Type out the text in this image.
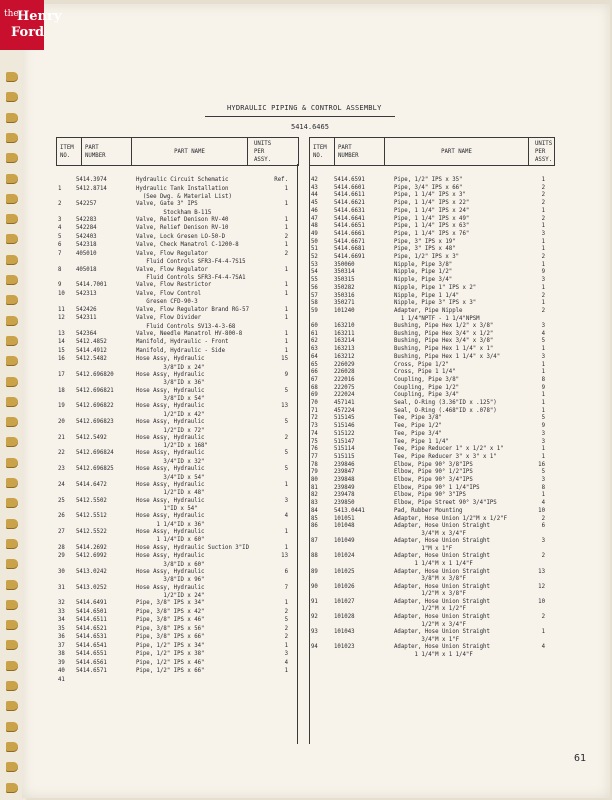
the
Henry
Ford
HYDRAULIC PIPING & CONTROL ASSEMBLY
5414.6465
ITEM
NO.
PART
NUMBER
PART NAME
UNITS
PER
ASSY.
ITEM
NO.
PART
NUMBER
PART NAME
UNITS
PER
ASSY.
5414.3974	Hydraulic Circuit Schematic	Ref.
1	5412.8714	Hydraulic Tank Installation	1
(See Dwg. & Material List)
2	542257	Valve, Gate 3" IPS	1
Stockham B-115
3	542283	Valve, Relief Denison RV-40	1
4	542284	Valve, Relief Denison RV-10	1
5	542403	Valve, Lock Gresen LO-50-D	2
6	542318	Valve, Check Manatrol C-1200-8	1
7	405010	Valve, Flow Regulator	2
Fluid Controls SFR3-F4-4-7S15
8	405018	Valve, Flow Regulator	1
Fluid Controls SFR3-F4-4-7SA1
9	5414.7001	Valve, Flow Restrictor	1
10 542313	Valve, Flow Control	1
Gresen CFD-90-3
11 542426	Valve, Flow Regulator Brand RG-57	1
12 542311	Valve, Flow Divider	1
Fluid Controls SV13-4-3-68
13 542364	Valve, Needle Manatrol HV-800-8	1
14 5412.4852	Manifold, Hydraulic - Front	1
15 5414.4912	Manifold, Hydraulic - Side	1
16 5412.5482	Hose Assy, Hydraulic	15
3/8"ID x 24"
17 5412.696820	Hose Assy, Hydraulic	9
3/8"ID x 36"
18 5412.696821	Hose Assy, Hydraulic	5
3/8"ID x 54"
19 5412.696822	Hose Assy, Hydraulic	13
1/2"ID x 42"
20 5412.696823	Hose Assy, Hydraulic	5
1/2"ID x 72"
21 5412.5492	Hose Assy, Hydraulic	2
1/2"ID x 168"
22 5412.696824	Hose Assy, Hydraulic	5
3/4"ID x 32"
23 5412.696825	Hose Assy, Hydraulic	5
3/4"ID x 54"
24 5414.6472	Hose Assy, Hydraulic	1
1/2"ID x 48"
25 5412.5502	Hose Assy, Hydraulic	3
1"ID x 54"
26 5412.5512	Hose Assy, Hydraulic	4
1 1/4"ID x 36"
27 5412.5522	Hose Assy, Hydraulic	1
1 1/4"ID x 60"
28 5414.2692	Hose Assy, Hydraulic Suction 3"ID	1
29 5412.6992	Hose Assy, Hydraulic	13
3/8"ID x 60"
30 5413.0242	Hose Assy, Hydraulic	6
3/8"ID x 96"
31 5413.0252	Hose Assy, Hydraulic	7
1/2"ID x 24"
32 5414.6491	Pipe, 3/8" IPS x 34"	1
33 5414.6501	Pipe, 3/8" IPS x 42"	2
34 5414.6511	Pipe, 3/8" IPS x 46"	5
35 5414.6521	Pipe, 3/8" IPS x 56"	2
36 5414.6531	Pipe, 3/8" IPS x 66"	2
37 5414.6541	Pipe, 1/2" IPS x 34"	1
38 5414.6551	Pipe, 1/2" IPS x 38"	3
39 5414.6561	Pipe, 1/2" IPS x 46"	4
40 5414.6571	Pipe, 1/2" IPS x 66"	1
41
42	5414.6591	Pipe, 1/2" IPS x 35"	1
43	5414.6601	Pipe, 3/4" IPS x 66"	2
44	5414.6611	Pipe, 1 1/4" IPS x 3"	2
45	5414.6621	Pipe, 1 1/4" IPS x 22"	2
46	5414.6631	Pipe, 1 1/4" IPS x 24"	1
47	5414.6641	Pipe, 1 1/4" IPS x 49"	2
48	5414.6651	Pipe, 1 1/4" IPS x 63"	1
49	5414.6661	Pipe, 1 1/4" IPS x 76"	3
50	5414.6671	Pipe, 3" IPS x 19"	1
51	5414.6681	Pipe, 3" IPS x 48"	1
52	5414.6691	Pipe, 1/2" IPS x 3"	2
53	350060	Nipple, Pipe 3/8"	1
54	350314	Nipple, Pipe 1/2"	9
55	350315	Nipple, Pipe 3/4"	3
56	350282	Nipple, Pipe 1" IPS x 2"	1
57	350316	Nipple, Pipe 1 1/4"	2
58	350271	Nipple, Pipe 3" IPS x 3"	1
59	101240	Adapter, Pipe Nipple	2
1 1/4"NPTF - 1 1/4"NPSM
60	163210	Bushing, Pipe Hex 1/2" x 3/8"	3
61	163211	Bushing, Pipe Hex 3/4" x 1/2"	4
62	163214	Bushing, Pipe Hex 3/4" x 3/8"	5
63	163213	Bushing, Pipe Hex 1 1/4" x 1"	1
64	163212	Bushing, Pipe Hex 1 1/4" x 3/4"	3
65	226029	Cross, Pipe 1/2"	1
66	226028	Cross, Pipe 1 1/4"	1
67	222016	Coupling, Pipe 3/8"	8
68	222075	Coupling, Pipe 1/2"	9
69	222024	Coupling, Pipe 3/4"	1
70	457141	Seal, O-Ring (3.36"ID x .125")	1
71	457224	Seal, O-Ring (.468"ID x .078")	1
72	515145	Tee, Pipe 3/8"	5
73	515146	Tee, Pipe 1/2"	9
74	515122	Tee, Pipe 3/4"	3
75	515147	Tee, Pipe 1 1/4"	3
76	515114	Tee, Pipe Reducer 1" x 1/2" x 1"	1
77	515115	Tee, Pipe Reducer 3" x 3" x 1"	1
78	239846	Elbow, Pipe 90° 3/8"IPS	16
79	239847	Elbow, Pipe 90° 1/2"IPS	5
80	239848	Elbow, Pipe 90° 3/4"IPS	3
81	239849	Elbow, Pipe 90° 1 1/4"IPS	8
82	239478	Elbow, Pipe 90° 3"IPS	1
83	239850	Elbow, Pipe Street 90° 3/4"IPS	4
84	5413.0441	Pad, Rubber Mounting	10
85	101051	Adapter, Hose Union 1/2"M x 1/2"F	2
86	101048	Adapter, Hose Union Straight	6
3/4"M x 3/4"F
87	101049	Adapter, Hose Union Straight	3
1"M x 1"F
88	101024	Adapter, Hose Union Straight	2
1 1/4"M x 1 1/4"F
89	101025	Adapter, Hose Union Straight	13
3/8"M x 3/8"F
90	101026	Adapter, Hose Union Straight	12
1/2"M x 3/8"F
91	101027	Adapter, Hose Union Straight	10
1/2"M x 1/2"F
92	101028	Adapter, Hose Union Straight	2
1/2"M x 3/4"F
93	101043	Adapter, Hose Union Straight	1
3/4"M x 1"F
94	101023	Adapter, Hose Union Straight	4
1 1/4"M x 1 1/4"F
61
